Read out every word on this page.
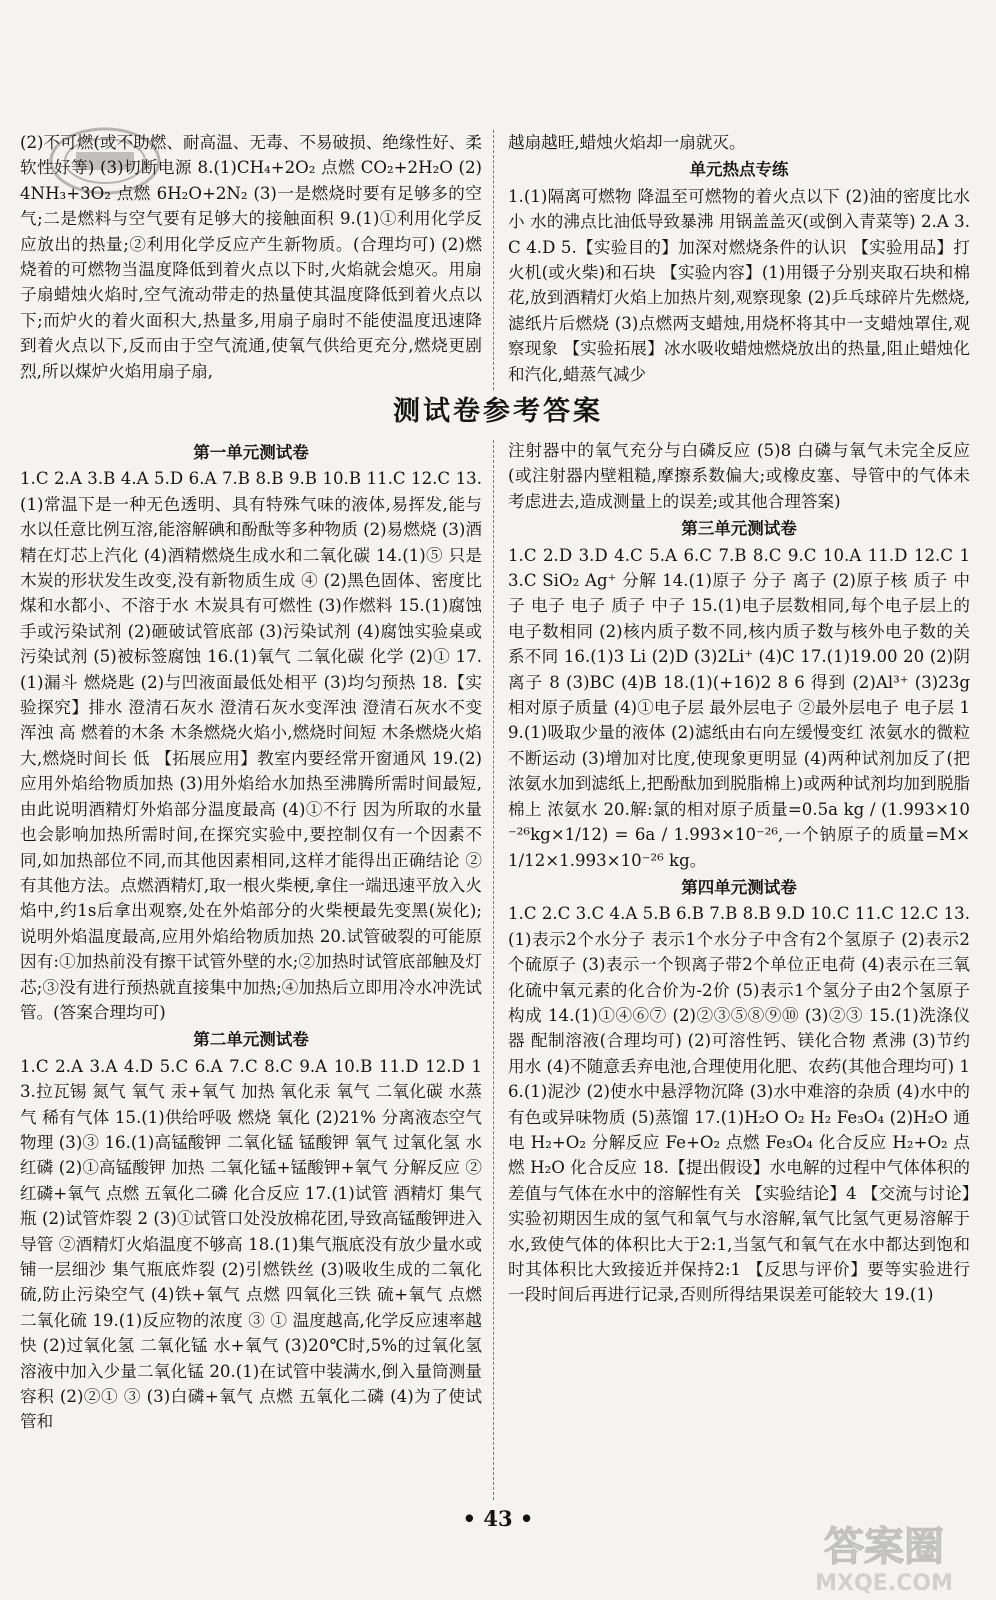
(2)不可燃(或不助燃、耐高温、无毒、不易破损、绝缘性好、柔软性好等) (3)切断电源 8.(1)CH₄+2O₂ 点燃 CO₂+2H₂O (2)4NH₃+3O₂ 点燃 6H₂O+2N₂ (3)一是燃烧时要有足够多的空气;二是燃料与空气要有足够大的接触面积 9.(1)①利用化学反应放出的热量;②利用化学反应产生新物质。(合理均可) (2)燃烧着的可燃物当温度降低到着火点以下时,火焰就会熄灭。用扇子扇蜡烛火焰时,空气流动带走的热量使其温度降低到着火点以下;而炉火的着火面积大,热量多,用扇子扇时不能使温度迅速降到着火点以下,反而由于空气流通,使氧气供给更充分,燃烧更剧烈,所以煤炉火焰用扇子扇,

越扇越旺,蜡烛火焰却一扇就灭。

单元热点专练

1.(1)隔离可燃物 降温至可燃物的着火点以下 (2)油的密度比水小 水的沸点比油低导致暴沸 用锅盖盖灭(或倒入青菜等) 2.A 3.C 4.D 5.【实验目的】加深对燃烧条件的认识 【实验用品】打火机(或火柴)和石块 【实验内容】(1)用镊子分别夹取石块和棉花,放到酒精灯火焰上加热片刻,观察现象 (2)乒乓球碎片先燃烧,滤纸片后燃烧 (3)点燃两支蜡烛,用烧杯将其中一支蜡烛罩住,观察现象 【实验拓展】冰水吸收蜡烛燃烧放出的热量,阻止蜡烛化和汽化,蜡蒸气减少

测试卷参考答案

第一单元测试卷

1.C 2.A 3.B 4.A 5.D 6.A 7.B 8.B 9.B 10.B 11.C 12.C 13.(1)常温下是一种无色透明、具有特殊气味的液体,易挥发,能与水以任意比例互溶,能溶解碘和酚酞等多种物质 (2)易燃烧 (3)酒精在灯芯上汽化 (4)酒精燃烧生成水和二氧化碳 14.(1)⑤ 只是木炭的形状发生改变,没有新物质生成 ④ (2)黑色固体、密度比煤和水都小、不溶于水 木炭具有可燃性 (3)作燃料 15.(1)腐蚀手或污染试剂 (2)砸破试管底部 (3)污染试剂 (4)腐蚀实验桌或污染试剂 (5)被标签腐蚀 16.(1)氧气 二氧化碳 化学 (2)① 17.(1)漏斗 燃烧匙 (2)与凹液面最低处相平 (3)均匀预热 18.【实验探究】排水 澄清石灰水 澄清石灰水变浑浊 澄清石灰水不变浑浊 高 燃着的木条 木条燃烧火焰小,燃烧时间短 木条燃烧火焰大,燃烧时间长 低 【拓展应用】教室内要经常开窗通风 19.(2)应用外焰给物质加热 (3)用外焰给水加热至沸腾所需时间最短,由此说明酒精灯外焰部分温度最高 (4)①不行 因为所取的水量也会影响加热所需时间,在探究实验中,要控制仅有一个因素不同,如加热部位不同,而其他因素相同,这样才能得出正确结论 ②有其他方法。点燃酒精灯,取一根火柴梗,拿住一端迅速平放入火焰中,约1s后拿出观察,处在外焰部分的火柴梗最先变黑(炭化);说明外焰温度最高,应用外焰给物质加热 20.试管破裂的可能原因有:①加热前没有擦干试管外壁的水;②加热时试管底部触及灯芯;③没有进行预热就直接集中加热;④加热后立即用冷水冲洗试管。(答案合理均可)

第二单元测试卷

1.C 2.A 3.A 4.D 5.C 6.A 7.C 8.C 9.A 10.B 11.D 12.D 13.拉瓦锡 氮气 氧气 汞+氧气 加热 氧化汞 氧气 二氧化碳 水蒸气 稀有气体 15.(1)供给呼吸 燃烧 氧化 (2)21% 分离液态空气 物理 (3)③ 16.(1)高锰酸钾 二氧化锰 锰酸钾 氧气 过氧化氢 水 红磷 (2)①高锰酸钾 加热 二氧化锰+锰酸钾+氧气 分解反应 ②红磷+氧气 点燃 五氧化二磷 化合反应 17.(1)试管 酒精灯 集气瓶 (2)试管炸裂 2 (3)①试管口处没放棉花团,导致高锰酸钾进入导管 ②酒精灯火焰温度不够高 18.(1)集气瓶底没有放少量水或铺一层细沙 集气瓶底炸裂 (2)引燃铁丝 (3)吸收生成的二氧化硫,防止污染空气 (4)铁+氧气 点燃 四氧化三铁 硫+氧气 点燃 二氧化硫 19.(1)反应物的浓度 ③ ① 温度越高,化学反应速率越快 (2)过氧化氢 二氧化锰 水+氧气 (3)20℃时,5%的过氧化氢溶液中加入少量二氧化锰 20.(1)在试管中装满水,倒入量筒测量容积 (2)②① ③ (3)白磷+氧气 点燃 五氧化二磷 (4)为了使试管和

注射器中的氧气充分与白磷反应 (5)8 白磷与氧气未完全反应(或注射器内壁粗糙,摩擦系数偏大;或橡皮塞、导管中的气体未考虑进去,造成测量上的误差;或其他合理答案)

第三单元测试卷

1.C 2.D 3.D 4.C 5.A 6.C 7.B 8.C 9.C 10.A 11.D 12.C 13.C SiO₂ Ag⁺ 分解 14.(1)原子 分子 离子 (2)原子核 质子 中子 电子 电子 质子 中子 15.(1)电子层数相同,每个电子层上的电子数相同 (2)核内质子数不同,核内质子数与核外电子数的关系不同 16.(1)3 Li (2)D (3)2Li⁺ (4)C 17.(1)19.00 20 (2)阴离子 8 (3)BC (4)B 18.(1)(+16)2 8 6 得到 (2)Al³⁺ (3)23g 相对原子质量 (4)①电子层 最外层电子 ②最外层电子 电子层 19.(1)吸取少量的液体 (2)滤纸由右向左缓慢变红 浓氨水的微粒不断运动 (3)增加对比度,使现象更明显 (4)两种试剂加反了(把浓氨水加到滤纸上,把酚酞加到脱脂棉上)或两种试剂均加到脱脂棉上 浓氨水 20.解:氯的相对原子质量=0.5a kg / (1.993×10⁻²⁶kg×1/12) = 6a / 1.993×10⁻²⁶,一个钠原子的质量=M×1/12×1.993×10⁻²⁶ kg。

第四单元测试卷

1.C 2.C 3.C 4.A 5.B 6.B 7.B 8.B 9.D 10.C 11.C 12.C 13.(1)表示2个水分子 表示1个水分子中含有2个氢原子 (2)表示2个硫原子 (3)表示一个钡离子带2个单位正电荷 (4)表示在三氧化硫中氧元素的化合价为-2价 (5)表示1个氢分子由2个氢原子构成 14.(1)①④⑥⑦ (2)②③⑤⑧⑨⑩ (3)②③ 15.(1)洗涤仪器 配制溶液(合理均可) (2)可溶性钙、镁化合物 煮沸 (3)节约用水 (4)不随意丢弃电池,合理使用化肥、农药(其他合理均可) 16.(1)泥沙 (2)使水中悬浮物沉降 (3)水中难溶的杂质 (4)水中的有色或异味物质 (5)蒸馏 17.(1)H₂O O₂ H₂ Fe₃O₄ (2)H₂O 通电 H₂+O₂ 分解反应 Fe+O₂ 点燃 Fe₃O₄ 化合反应 H₂+O₂ 点燃 H₂O 化合反应 18.【提出假设】水电解的过程中气体体积的差值与气体在水中的溶解性有关 【实验结论】4 【交流与讨论】实验初期因生成的氢气和氧气与水溶解,氧气比氢气更易溶解于水,致使气体的体积比大于2:1,当氢气和氧气在水中都达到饱和时其体积比大致接近并保持2:1 【反思与评价】要等实验进行一段时间后再进行记录,否则所得结果误差可能较大 19.(1)

• 43 •
答案圈
MXQE.COM
